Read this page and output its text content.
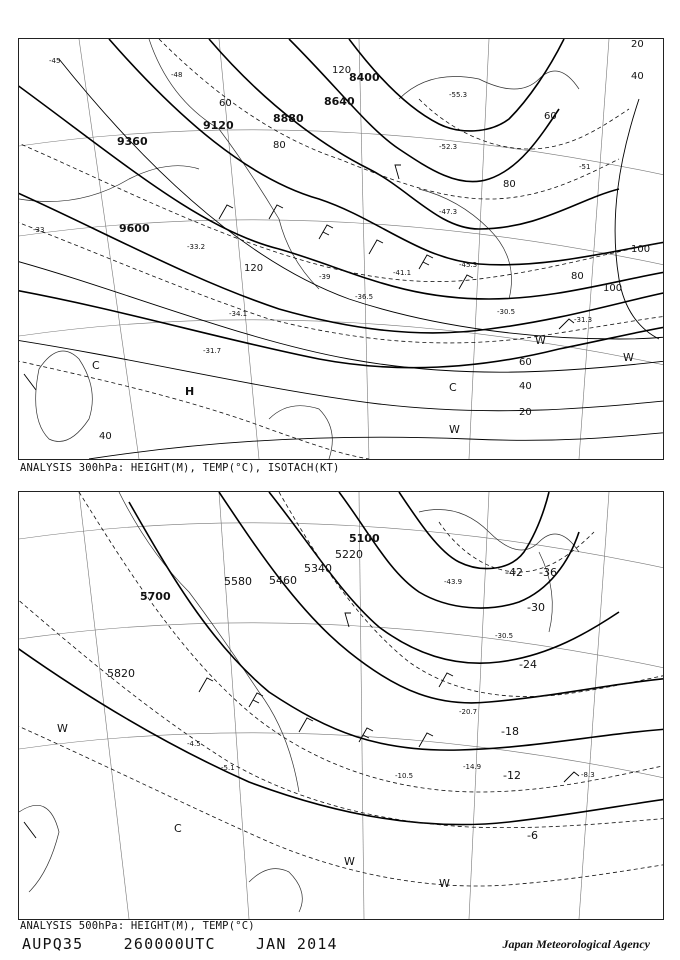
8400
8640
8880
9120
9360
9600
20
40
60
80
100
120
80
60
40
20
40
60
80
100
120
-45
-48
-51
-55.3
-52.3
-47.3
-45.3
-41.1
-39
-36.5
-34.1
-33.2
-31.7
-31.3
-30.5
-33
H
C
C
W
W
W
ANALYSIS 300hPa: HEIGHT(M), TEMP(°C), ISOTACH(KT)
5100
5220
5340
5460
5580
5700
5820
-36
-42
-30
-24
-18
-12
-6
-43.9
-30.5
-20.7
-14.9
-10.5	-8.3
-5.1
-4.5
C
W
W
W
ANALYSIS 500hPa: HEIGHT(M), TEMP(°C)
AUPQ35	260000UTC	JAN 2014	Japan Meteorological Agency
